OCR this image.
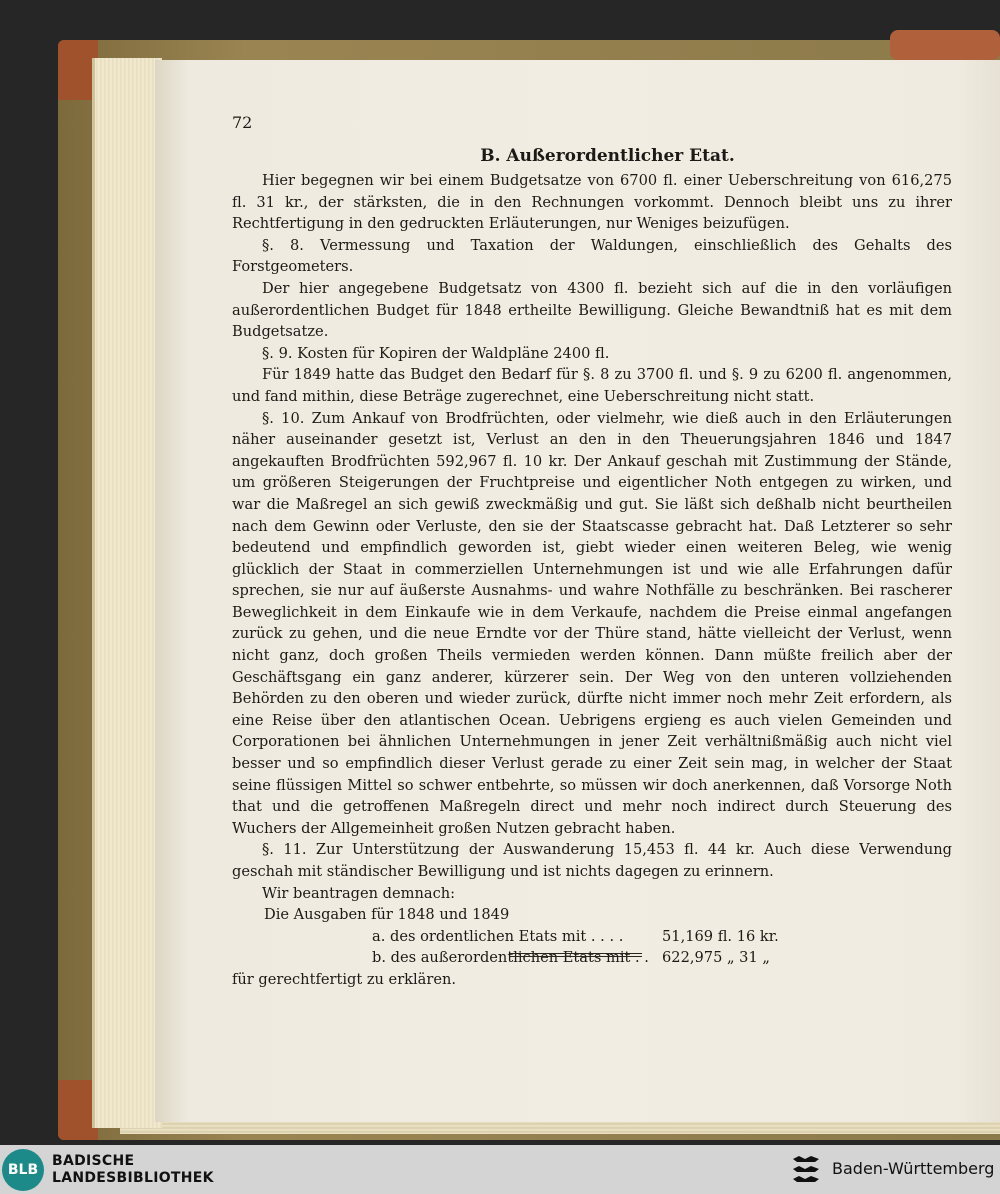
72
B. Außerordentlicher Etat.

Hier begegnen wir bei einem Budgetsatze von 6700 fl. einer Ueberschreitung von 616,275 fl. 31 kr., der stärksten, die in den Rechnungen vorkommt. Dennoch bleibt uns zu ihrer Rechtfertigung in den gedruckten Erläuterungen, nur Weniges beizufügen.

§. 8. Vermessung und Taxation der Waldungen, einschließlich des Gehalts des Forstgeometers.

Der hier angegebene Budgetsatz von 4300 fl. bezieht sich auf die in den vorläufigen außerordentlichen Budget für 1848 ertheilte Bewilligung. Gleiche Bewandtniß hat es mit dem Budgetsatze.

§. 9. Kosten für Kopiren der Waldpläne 2400 fl.

Für 1849 hatte das Budget den Bedarf für §. 8 zu 3700 fl. und §. 9 zu 6200 fl. angenommen, und fand mithin, diese Beträge zugerechnet, eine Ueberschreitung nicht statt.

§. 10. Zum Ankauf von Brodfrüchten, oder vielmehr, wie dieß auch in den Erläuterungen näher auseinander gesetzt ist, Verlust an den in den Theuerungsjahren 1846 und 1847 angekauften Brodfrüchten 592,967 fl. 10 kr. Der Ankauf geschah mit Zustimmung der Stände, um größeren Steigerungen der Fruchtpreise und eigentlicher Noth entgegen zu wirken, und war die Maßregel an sich gewiß zweckmäßig und gut. Sie läßt sich deßhalb nicht beurtheilen nach dem Gewinn oder Verluste, den sie der Staatscasse gebracht hat. Daß Letzterer so sehr bedeutend und empfindlich geworden ist, giebt wieder einen weiteren Beleg, wie wenig glücklich der Staat in commerziellen Unternehmungen ist und wie alle Erfahrungen dafür sprechen, sie nur auf äußerste Ausnahms- und wahre Nothfälle zu beschränken. Bei rascherer Beweglichkeit in dem Einkaufe wie in dem Verkaufe, nachdem die Preise einmal angefangen zurück zu gehen, und die neue Erndte vor der Thüre stand, hätte vielleicht der Verlust, wenn nicht ganz, doch großen Theils vermieden werden können. Dann müßte freilich aber der Geschäftsgang ein ganz anderer, kürzerer sein. Der Weg von den unteren vollziehenden Behörden zu den oberen und wieder zurück, dürfte nicht immer noch mehr Zeit erfordern, als eine Reise über den atlantischen Ocean. Uebrigens ergieng es auch vielen Gemeinden und Corporationen bei ähnlichen Unternehmungen in jener Zeit verhältnißmäßig auch nicht viel besser und so empfindlich dieser Verlust gerade zu einer Zeit sein mag, in welcher der Staat seine flüssigen Mittel so schwer entbehrte, so müssen wir doch anerkennen, daß Vorsorge Noth that und die getroffenen Maßregeln direct und mehr noch indirect durch Steuerung des Wuchers der Allgemeinheit großen Nutzen gebracht haben.

§. 11. Zur Unterstützung der Auswanderung 15,453 fl. 44 kr. Auch diese Verwendung geschah mit ständischer Bewilligung und ist nichts dagegen zu erinnern.

Wir beantragen demnach:

Die Ausgaben für 1848 und 1849
a. des ordentlichen Etats mit . . . .	51,169 fl. 16 kr.
b. des außerordentlichen Etats mit . . 622,975 „ 31 „

für gerechtfertigt zu erklären.

BLB
BADISCHE
LANDESBIBLIOTHEK	Baden-Württemberg
